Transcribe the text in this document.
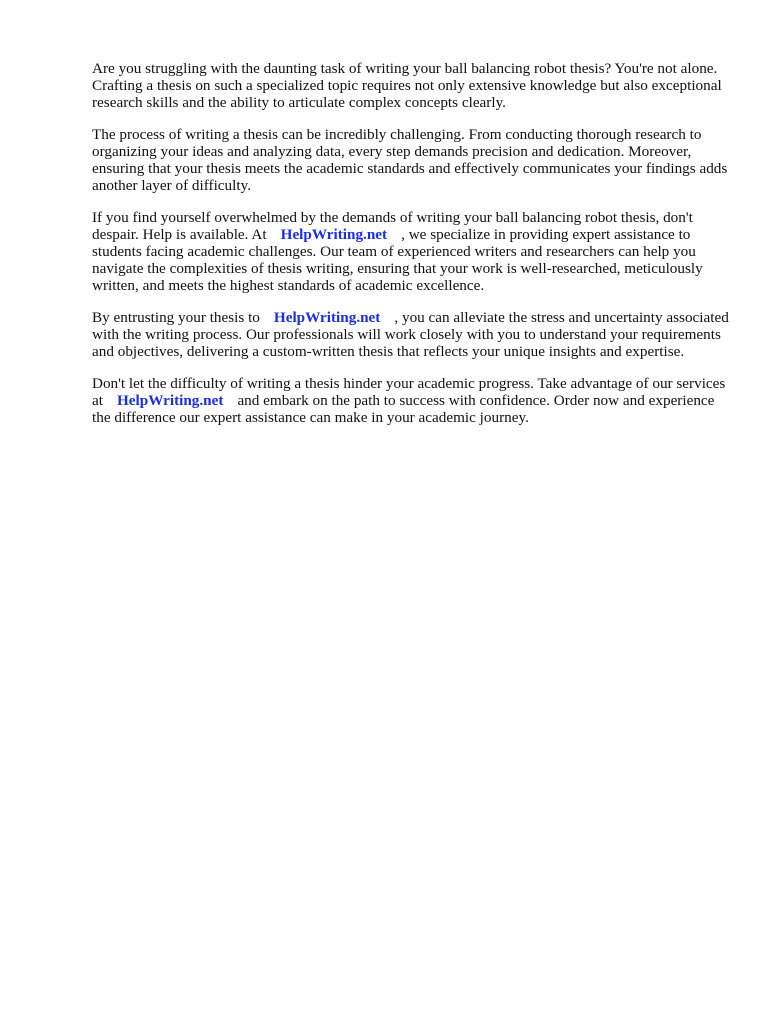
Are you struggling with the daunting task of writing your ball balancing robot thesis? You're not alone. Crafting a thesis on such a specialized topic requires not only extensive knowledge but also exceptional research skills and the ability to articulate complex concepts clearly.

The process of writing a thesis can be incredibly challenging. From conducting thorough research to organizing your ideas and analyzing data, every step demands precision and dedication. Moreover, ensuring that your thesis meets the academic standards and effectively communicates your findings adds another layer of difficulty.

If you find yourself overwhelmed by the demands of writing your ball balancing robot thesis, don't despair. Help is available. At HelpWriting.net , we specialize in providing expert assistance to students facing academic challenges. Our team of experienced writers and researchers can help you navigate the complexities of thesis writing, ensuring that your work is well-researched, meticulously written, and meets the highest standards of academic excellence.

By entrusting your thesis to HelpWriting.net , you can alleviate the stress and uncertainty associated with the writing process. Our professionals will work closely with you to understand your requirements and objectives, delivering a custom-written thesis that reflects your unique insights and expertise.

Don't let the difficulty of writing a thesis hinder your academic progress. Take advantage of our services at HelpWriting.net and embark on the path to success with confidence. Order now and experience the difference our expert assistance can make in your academic journey.
